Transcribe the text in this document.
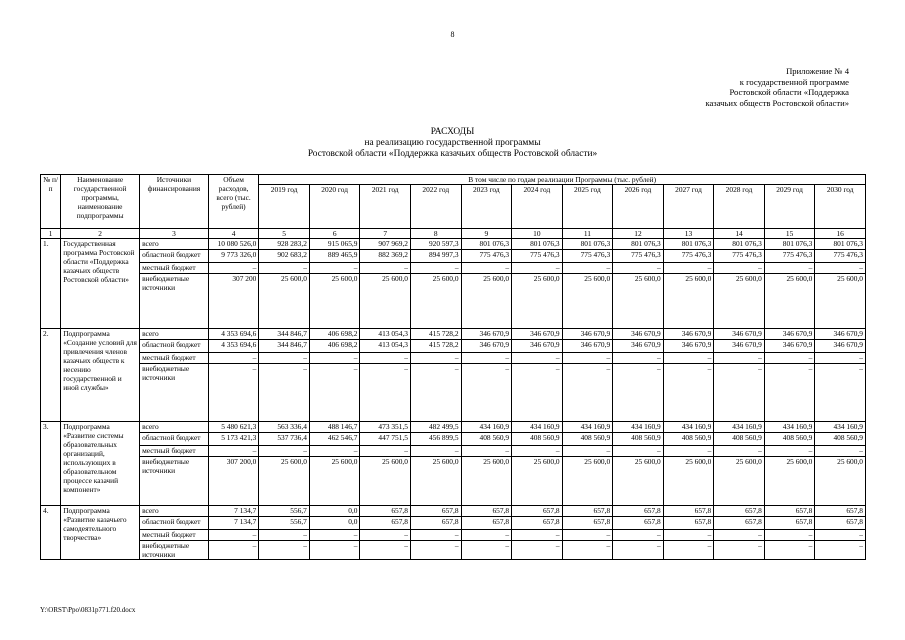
8
Приложение № 4
к государственной программе
Ростовской области «Поддержка
казачьих обществ Ростовской области»
РАСХОДЫ
на реализацию государственной программы
Ростовской области «Поддержка казачьих обществ Ростовской области»
№ п/п	Наименование государственной программы, наименование подпрограммы	Источники финансирования	Объем расходов, всего (тыс. рублей)	В том числе по годам реализации Программы (тыс. рублей)											
				2019 год	2020 год	2021 год	2022 год	2023 год	2024 год	2025 год	2026 год	2027 год	2028 год	2029 год	2030 год
1	2	3	4	5	6	7	8	9	10	11	12	13	14	15	16
1.	Государственная программа Ростовской области «Поддержка казачьих обществ Ростовской области»	всего	10 080 526,0	928 283,2	915 065,9	907 969,2	920 597,3	801 076,3	801 076,3	801 076,3	801 076,3	801 076,3	801 076,3	801 076,3	801 076,3
		областной бюджет	9 773 326,0	902 683,2	889 465,9	882 369,2	894 997,3	775 476,3	775 476,3	775 476,3	775 476,3	775 476,3	775 476,3	775 476,3	775 476,3
		местный бюджет	–	–	–	–	–	–	–	–	–	–	–	–	–
		внебюджетные источники	307 200	25 600,0	25 600,0	25 600,0	25 600,0	25 600,0	25 600,0	25 600,0	25 600,0	25 600,0	25 600,0	25 600,0	25 600,0
2.	Подпрограмма «Создание условий для привлечения членов казачьих обществ к несению государственной и иной службы»	всего	4 353 694,6	344 846,7	406 698,2	413 054,3	415 728,2	346 670,9	346 670,9	346 670,9	346 670,9	346 670,9	346 670,9	346 670,9	346 670,9
		областной бюджет	4 353 694,6	344 846,7	406 698,2	413 054,3	415 728,2	346 670,9	346 670,9	346 670,9	346 670,9	346 670,9	346 670,9	346 670,9	346 670,9
		местный бюджет	–	–	–	–	–	–	–	–	–	–	–	–	–
		внебюджетные источники	–	–	–	–	–	–	–	–	–	–	–	–	–
3.	Подпрограмма «Развитие системы образовательных организаций, использующих в образовательном процессе казачий компонент»	всего	5 480 621,3	563 336,4	488 146,7	473 351,5	482 499,5	434 160,9	434 160,9	434 160,9	434 160,9	434 160,9	434 160,9	434 160,9	434 160,9
		областной бюджет	5 173 421,3	537 736,4	462 546,7	447 751,5	456 899,5	408 560,9	408 560,9	408 560,9	408 560,9	408 560,9	408 560,9	408 560,9	408 560,9
		местный бюджет	–	–	–	–	–	–	–	–	–	–	–	–	–
		внебюджетные источники	307 200,0	25 600,0	25 600,0	25 600,0	25 600,0	25 600,0	25 600,0	25 600,0	25 600,0	25 600,0	25 600,0	25 600,0	25 600,0
4.	Подпрограмма «Развитие казачьего самодеятельного творчества»	всего	7 134,7	556,7	0,0	657,8	657,8	657,8	657,8	657,8	657,8	657,8	657,8	657,8	657,8
		областной бюджет	7 134,7	556,7	0,0	657,8	657,8	657,8	657,8	657,8	657,8	657,8	657,8	657,8	657,8
		местный бюджет	–	–	–	–	–	–	–	–	–	–	–	–	–
		внебюджетные источники	–	–	–	–	–	–	–	–	–	–	–	–	–
Y:\ORST\Ppo\0831p771.f20.docx
